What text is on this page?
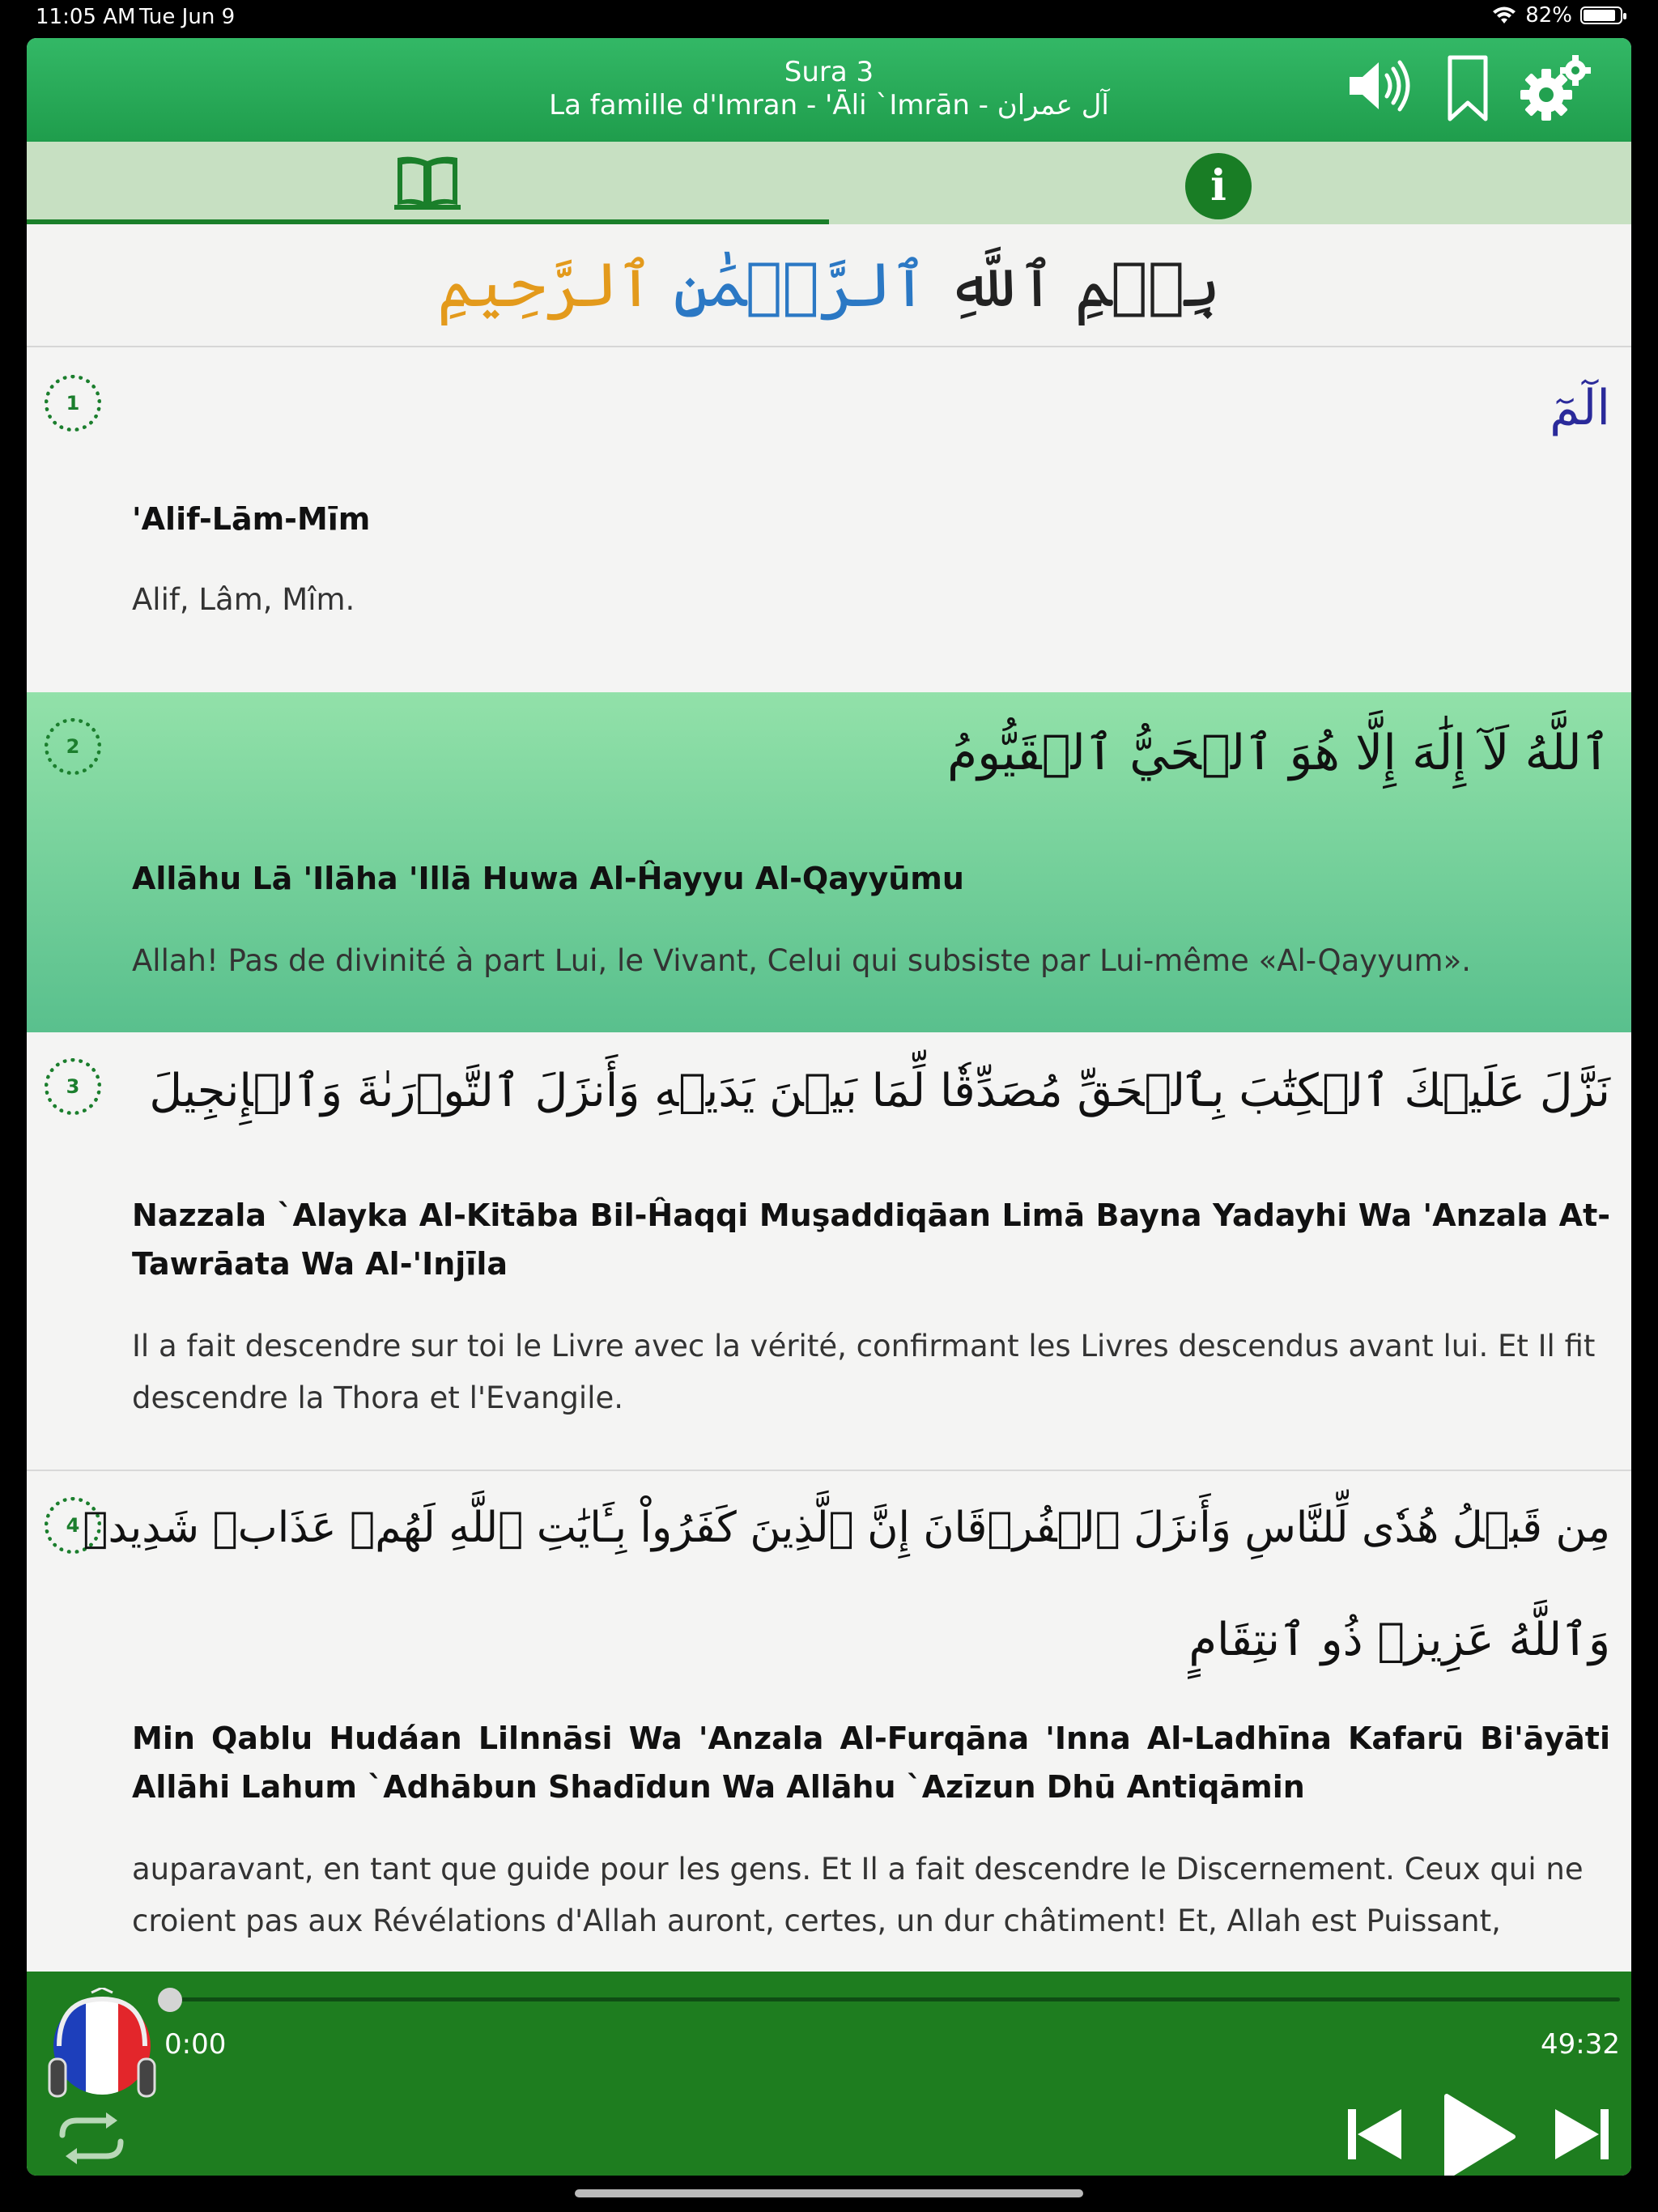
11:05 AM Tue Jun 9	82%
Sura 3
La famille d'Imran - 'Āli `Imrān - آل عمران
i
بِسۡمِ ٱللَّهِ ٱلرَّحۡمَٰنِ ٱلرَّحِيمِ
1	الٓمٓ
'Alif-Lām-Mīm
Alif, Lâm, Mîm.
2	ٱللَّهُ لَآ إِلَٰهَ إِلَّا هُوَ ٱلۡحَيُّ ٱلۡقَيُّومُ
Allāhu Lā 'Ilāha 'Illā Huwa Al-Ĥayyu Al-Qayyūmu
Allah! Pas de divinité à part Lui, le Vivant, Celui qui subsiste par Lui-même «Al-Qayyum».
3	نَزَّلَ عَلَيۡكَ ٱلۡكِتَٰبَ بِٱلۡحَقِّ مُصَدِّقٗا لِّمَا بَيۡنَ يَدَيۡهِ وَأَنزَلَ ٱلتَّوۡرَىٰةَ وَٱلۡإِنجِيلَ
Nazzala `Alayka Al-Kitāba Bil-Ĥaqqi Muşaddiqāan Limā Bayna Yadayhi Wa 'Anzala At-Tawrāata Wa Al-'Injīla
Il a fait descendre sur toi le Livre avec la vérité, confirmant les Livres descendus avant lui. Et Il fit descendre la Thora et l'Evangile.
4 مِن قَبۡلُ هُدٗى لِّلنَّاسِ وَأَنزَلَ ٱلۡفُرۡقَانَ إِنَّ ٱلَّذِينَ كَفَرُواْ بِـَٔايَٰتِ ٱللَّهِ لَهُمۡ عَذَابٞ شَدِيدٞ
وَٱللَّهُ عَزِيزٞ ذُو ٱنتِقَامٍ
Min Qablu Hudáan Lilnnāsi Wa 'Anzala Al-Furqāna 'Inna Al-Ladhīna Kafarū Bi'āyāti Allāhi Lahum `Adhābun Shadīdun Wa Allāhu `Azīzun Dhū Antiqāmin
auparavant, en tant que guide pour les gens. Et Il a fait descendre le Discernement. Ceux qui ne croient pas aux Révélations d'Allah auront, certes, un dur châtiment! Et, Allah est Puissant,
0:00	49:32
